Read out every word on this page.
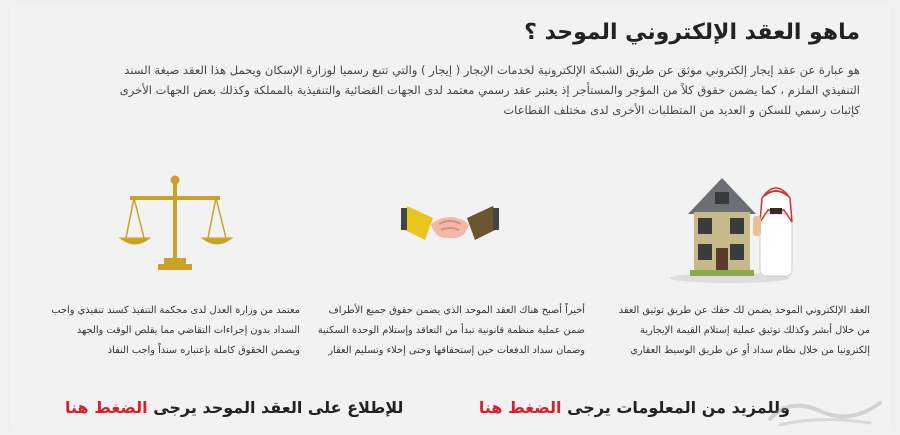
ماهو العقد الإلكتروني الموحد ؟
هو عبارة عن عقد إيجار إلكتروني موثق عن طريق الشبكة الإلكترونية لخدمات الإيجار ( إيجار ) والتي تتبع رسميا لوزارة الإسكان ويحمل هذا العقد صيغة السند
التنفيذي الملزم ، كما يضمن حقوق كلاً من المؤجر والمستأجر إذ يعتبر عقد رسمي معتمد لدى الجهات القضائية والتنفيذية بالمملكة وكذلك بعض الجهات الأخرى
كإثبات رسمي للسكن و العديد من المتطلبات الأخرى لدى مختلف القطاعات
العقد الإلكتروني الموحد يضمن لك حقك عن طريق توثيق العقد
من خلال أبشر وكذلك توثيق عملية إستلام القيمة الإيجارية
إلكترونيا من خلال نظام سداد أو عن طريق الوسيط العقاري
أخيراً أصبح هناك العقد الموحد الذي يضمن حقوق جميع الأطراف
ضمن عملية منظمة قانونية تبدأ من التعاقد وإستلام الوحدة السكنية
وضمان سداد الدفعات حين إستحقاقها وحتى إخلاء وتسليم العقار
معتمد من وزارة العدل لدى محكمة التنفيذ كسند تنفيذي واجب
السداد بدون إجراءات التقاضي مما يقلص الوقت والجهد
ويضمن الحقوق كاملة بإعتباره سنداً واجب النفاذ
وللمزيد من المعلومات يرجى الضغط هنا
للإطلاع على العقد الموحد يرجى الضغط هنا
